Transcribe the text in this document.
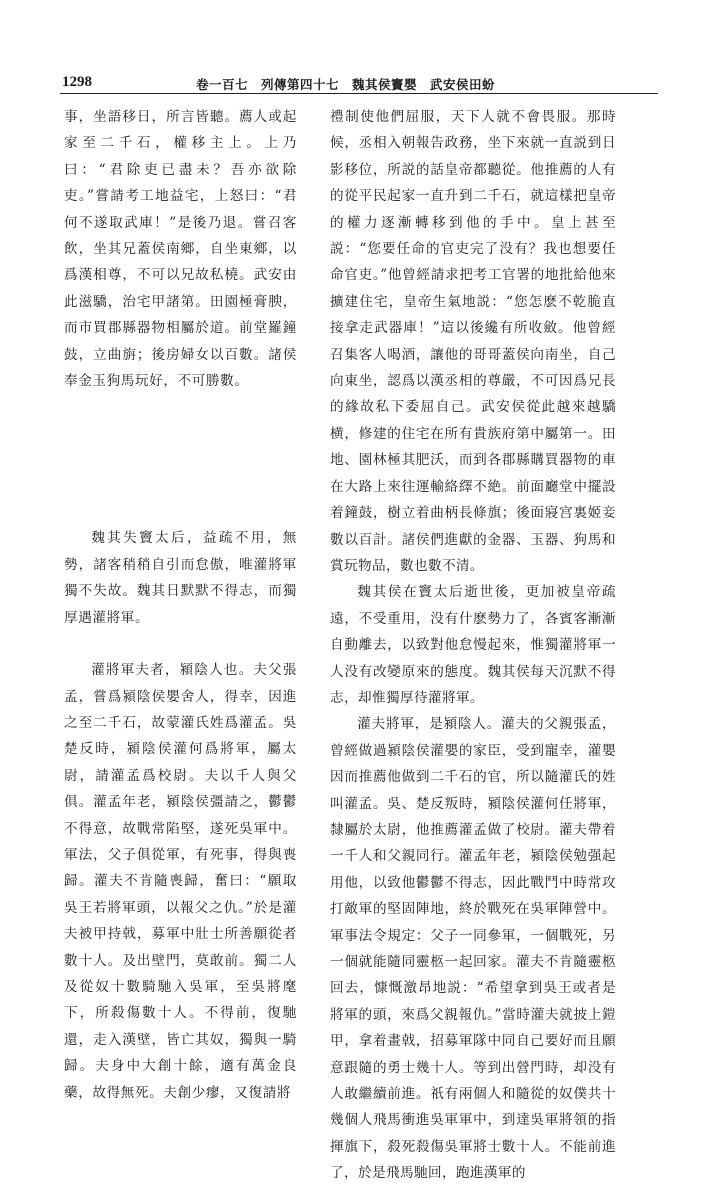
1298	卷一百七　列傳第四十七　魏其侯竇嬰　武安侯田蚡

事，坐語移日，所言皆聽。薦人或起家至二千石，權移主上。上乃曰：“君除吏已盡未？吾亦欲除吏。”嘗請考工地益宅，上怒曰：“君何不遂取武庫！”是後乃退。嘗召客飲，坐其兄蓋侯南鄉，自坐東鄉，以爲漢相尊，不可以兄故私橈。武安由此滋驕，治宅甲諸第。田園極膏腴，而市買郡縣器物相屬於道。前堂羅鐘鼓，立曲旃；後房婦女以百數。諸侯奉金玉狗馬玩好，不可勝數。

魏其失竇太后，益疏不用，無勢，諸客稍稍自引而怠傲，唯灌將軍獨不失故。魏其日默默不得志，而獨厚遇灌將軍。

灌將軍夫者，潁陰人也。夫父張孟，嘗爲潁陰侯嬰舍人，得幸，因進之至二千石，故蒙灌氏姓爲灌孟。吳楚反時，潁陰侯灌何爲將軍，屬太尉，請灌孟爲校尉。夫以千人與父俱。灌孟年老，潁陰侯彊請之，鬱鬱不得意，故戰常陷堅，遂死吳軍中。軍法，父子俱從軍，有死事，得與喪歸。灌夫不肯隨喪歸，奮曰：“願取吳王若將軍頭，以報父之仇。”於是灌夫被甲持戟，募軍中壯士所善願從者數十人。及出壁門，莫敢前。獨二人及從奴十數騎馳入吳軍，至吳將麾下，所殺傷數十人。不得前，復馳還，走入漢壁，皆亡其奴，獨與一騎歸。夫身中大創十餘，適有萬金良藥，故得無死。夫創少瘳，又復請將

禮制使他們屈服，天下人就不會畏服。那時候，丞相入朝報告政務，坐下來就一直説到日影移位，所説的話皇帝都聽從。他推薦的人有的從平民起家一直升到二千石，就這樣把皇帝的權力逐漸轉移到他的手中。皇上甚至説：“您要任命的官吏完了没有？我也想要任命官吏。”他曾經請求把考工官署的地批給他來擴建住宅，皇帝生氣地説：“您怎麽不乾脆直接拿走武器庫！”這以後纔有所收斂。他曾經召集客人喝酒，讓他的哥哥蓋侯向南坐，自己向東坐，認爲以漢丞相的尊嚴，不可因爲兄長的緣故私下委屈自己。武安侯從此越來越驕横，修建的住宅在所有貴族府第中屬第一。田地、園林極其肥沃，而到各郡縣購買器物的車在大路上來往運輸絡繹不絶。前面廳堂中擺設着鐘鼓，樹立着曲柄長條旗；後面寢宫裏姬妾數以百計。諸侯們進獻的金器、玉器、狗馬和賞玩物品，數也數不清。

魏其侯在竇太后逝世後，更加被皇帝疏遠，不受重用，没有什麽勢力了，各賓客漸漸自動離去，以致對他怠慢起來，惟獨灌將軍一人没有改變原來的態度。魏其侯每天沉默不得志，却惟獨厚待灌將軍。

灌夫將軍，是潁陰人。灌夫的父親張孟，曾經做過潁陰侯灌嬰的家臣，受到寵幸，灌嬰因而推薦他做到二千石的官，所以隨灌氏的姓叫灌孟。吳、楚反叛時，潁陰侯灌何任將軍，隸屬於太尉，他推薦灌孟做了校尉。灌夫帶着一千人和父親同行。灌孟年老，潁陰侯勉强起用他，以致他鬱鬱不得志，因此戰鬥中時常攻打敵軍的堅固陣地，終於戰死在吳軍陣營中。軍事法令規定：父子一同參軍，一個戰死，另一個就能隨同靈柩一起回家。灌夫不肯隨靈柩回去，慷慨激昂地説：“希望拿到吳王或者是將軍的頭，來爲父親報仇。”當時灌夫就披上鎧甲，拿着畫戟，招募軍隊中同自己要好而且願意跟隨的勇士幾十人。等到出營門時，却没有人敢繼續前進。祇有兩個人和隨從的奴僕共十幾個人飛馬衝進吳軍軍中，到達吳軍將領的指揮旗下，殺死殺傷吳軍將士數十人。不能前進了，於是飛馬馳回，跑進漢軍的
